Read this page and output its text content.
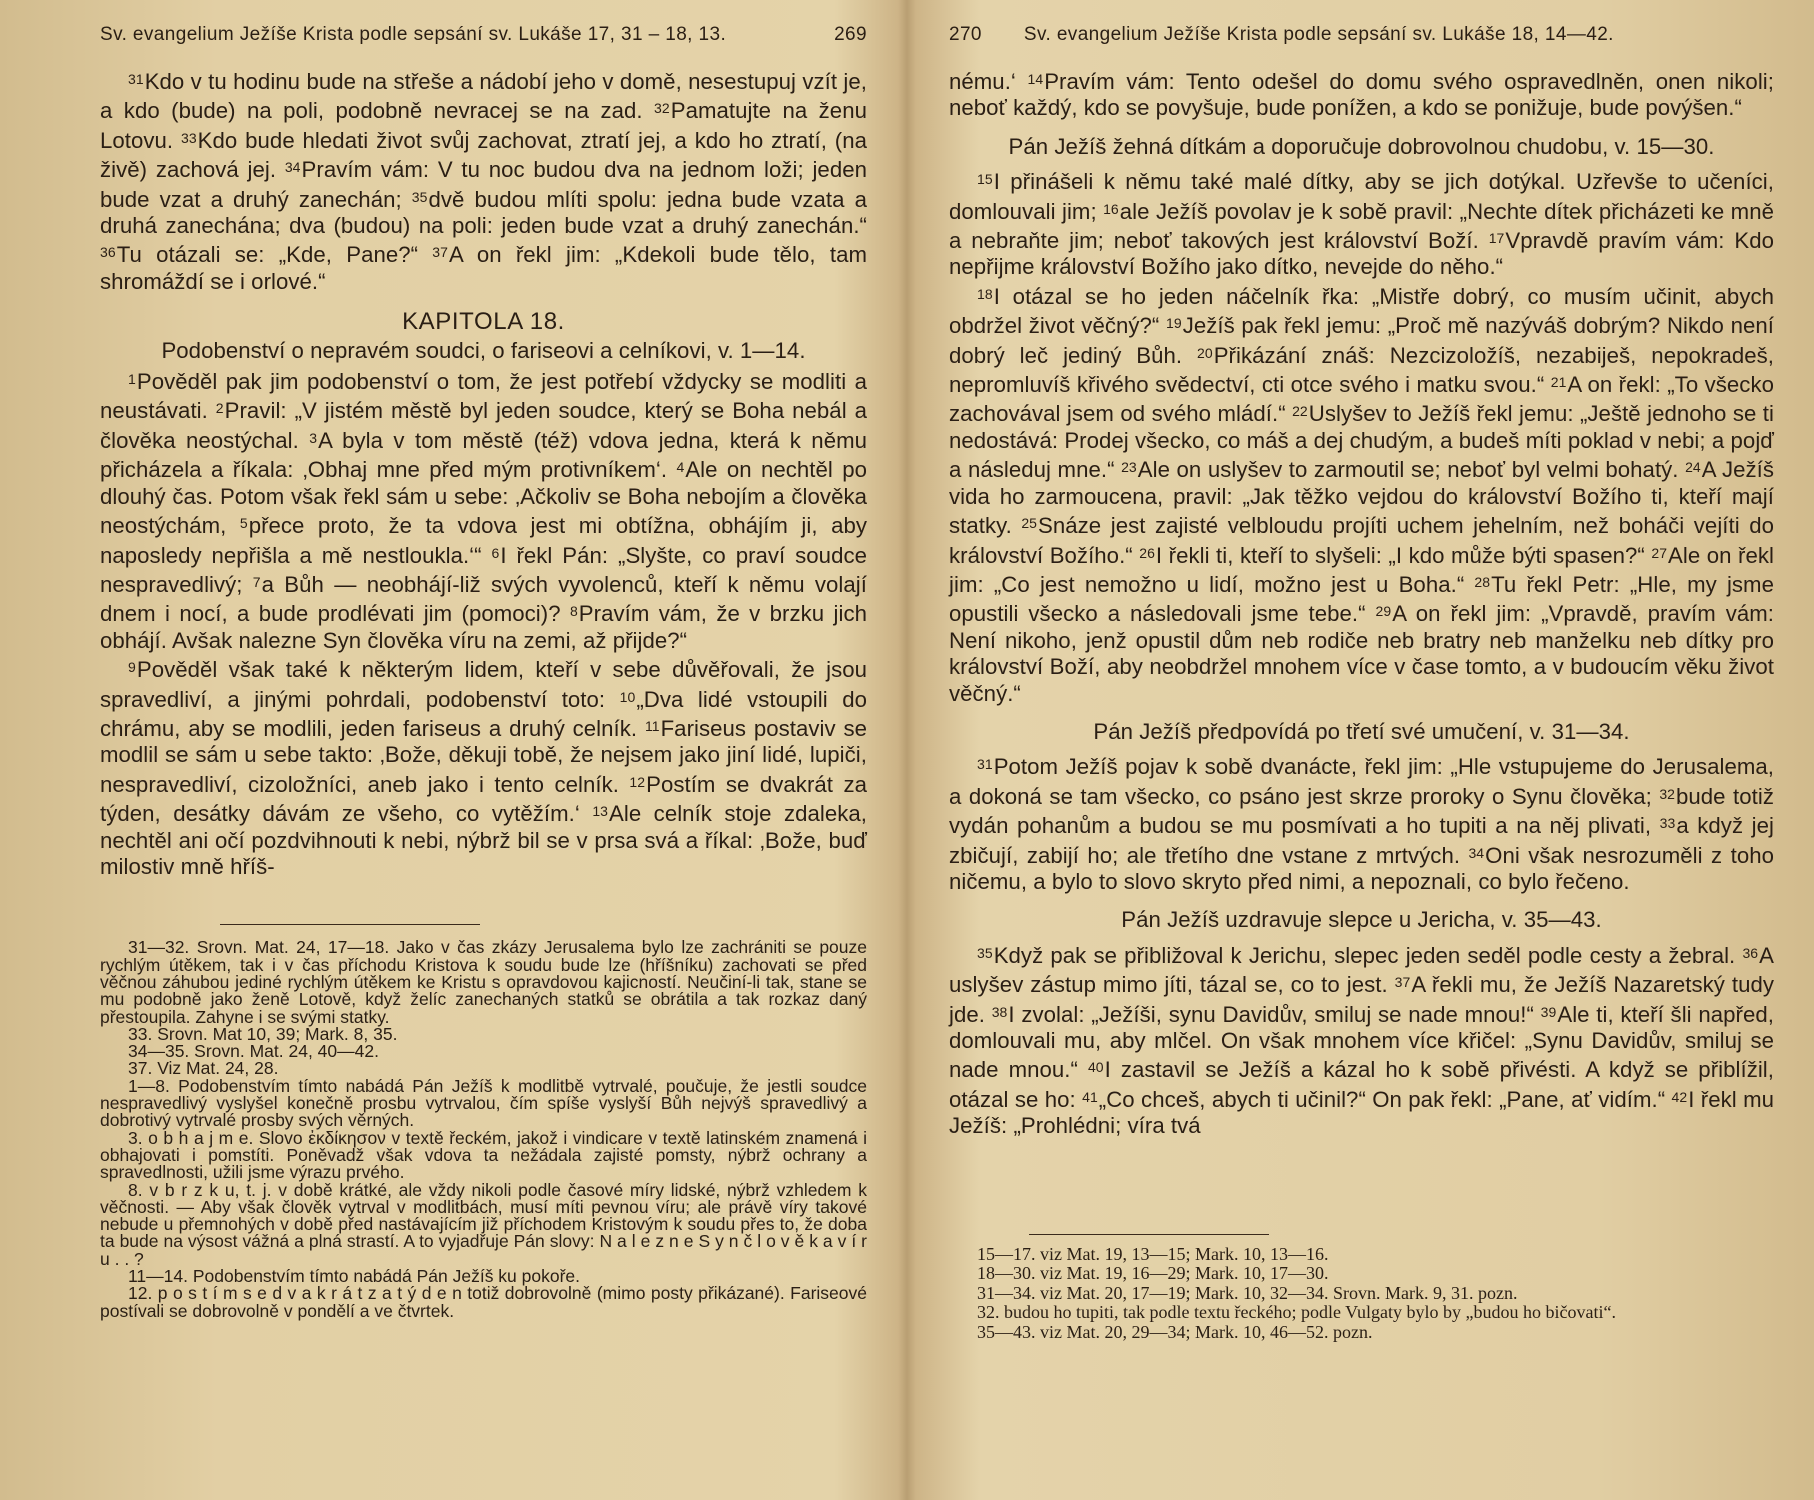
Sv. evangelium Ježíše Krista podle sepsání sv. Lukáše 17, 31 – 18, 13.	269

$^{31}$Kdo v tu hodinu bude na střeše a nádobí jeho v domě, nesestupuj vzít je, a kdo (bude) na poli, podobně nevracej se na zad. $^{32}$Pamatujte na ženu Lotovu. $^{33}$Kdo bude hledati život svůj zachovat, ztratí jej, a kdo ho ztratí, (na živě) zachová jej. $^{34}$Pravím vám: V tu noc budou dva na jednom loži; jeden bude vzat a druhý zanechán; $^{35}$dvě budou mlíti spolu: jedna bude vzata a druhá zanechána; dva (budou) na poli: jeden bude vzat a druhý zanechán.“ $^{36}$Tu otázali se: „Kde, Pane?“ $^{37}$A on řekl jim: „Kdekoli bude tělo, tam shromáždí se i orlové.“

KAPITOLA 18.
Podobenství o nepravém soudci, o fariseovi a celníkovi, v. 1—14.

$^1$Pověděl pak jim podobenství o tom, že jest potřebí vždycky se modliti a neustávati. $^2$Pravil: „V jistém městě byl jeden soudce, který se Boha nebál a člověka neostýchal. $^3$A byla v tom městě (též) vdova jedna, která k němu přicházela a říkala: ‚Obhaj mne před mým protivníkem‘. $^4$Ale on nechtěl po dlouhý čas. Potom však řekl sám u sebe: ‚Ačkoliv se Boha nebojím a člověka neostýchám, $^5$přece proto, že ta vdova jest mi obtížna, obhájím ji, aby naposledy nepřišla a mě nestloukla.‘“ $^6$I řekl Pán: „Slyšte, co praví soudce nespravedlivý; $^7$a Bůh — neobhájí-liž svých vyvolenců, kteří k němu volají dnem i nocí, a bude prodlévati jim (pomoci)? $^8$Pravím vám, že v brzku jich obhájí. Avšak nalezne Syn člověka víru na zemi, až přijde?“

$^9$Pověděl však také k některým lidem, kteří v sebe důvěřovali, že jsou spravedliví, a jinými pohrdali, podobenství toto: $^{10}$„Dva lidé vstoupili do chrámu, aby se modlili, jeden fariseus a druhý celník. $^{11}$Fariseus postaviv se modlil se sám u sebe takto: ‚Bože, děkuji tobě, že nejsem jako jiní lidé, lupiči, nespravedliví, cizoložníci, aneb jako i tento celník. $^{12}$Postím se dvakrát za týden, desátky dávám ze všeho, co vytěžím.‘ $^{13}$Ale celník stoje zdaleka, nechtěl ani očí pozdvihnouti k nebi, nýbrž bil se v prsa svá a říkal: ‚Bože, buď milostiv mně hříš-

31—32. Srovn. Mat. 24, 17—18. Jako v čas zkázy Jerusalema bylo lze zachrániti se pouze rychlým útěkem, tak i v čas příchodu Kristova k soudu bude lze (hříšníku) zachovati se před věčnou záhubou jediné rychlým útěkem ke Kristu s opravdovou kajicností. Neučiní-li tak, stane se mu podobně jako ženě Lotově, když želíc zanechaných statků se obrátila a tak rozkaz daný přestoupila. Zahyne i se svými statky.

33. Srovn. Mat 10, 39; Mark. 8, 35.

34—35. Srovn. Mat. 24, 40—42.

37. Viz Mat. 24, 28.

1—8. Podobenstvím tímto nabádá Pán Ježíš k modlitbě vytrvalé, poučuje, že jestli soudce nespravedlivý vyslyšel konečně prosbu vytrvalou, čím spíše vyslyší Bůh nejvýš spravedlivý a dobrotivý vytrvalé prosby svých věrných.

3. o b h a j m e. Slovo ἐκδίκησον v textě řeckém, jakož i vindicare v textě latinském znamená i obhajovati i pomstíti. Poněvadž však vdova ta nežádala zajisté pomsty, nýbrž ochrany a spravedlnosti, užili jsme výrazu prvého.

8. v b r z k u, t. j. v době krátké, ale vždy nikoli podle časové míry lidské, nýbrž vzhledem k věčnosti. — Aby však člověk vytrval v modlitbách, musí míti pevnou víru; ale právě víry takové nebude u přemnohých v době před nastávajícím již příchodem Kristovým k soudu přes to, že doba ta bude na výsost vážná a plná strastí. A to vyjadřuje Pán slovy: N a l e z n e S y n č l o v ě k a v í r u . . ?

11—14. Podobenstvím tímto nabádá Pán Ježíš ku pokoře.

12. p o s t í m s e d v a k r á t z a t ý d e n totiž dobrovolně (mimo posty přikázané). Fariseové postívali se dobrovolně v pondělí a ve čtvrtek.

270 Sv. evangelium Ježíše Krista podle sepsání sv. Lukáše 18, 14—42.

nému.‘ $^{14}$Pravím vám: Tento odešel do domu svého ospravedlněn, onen nikoli; neboť každý, kdo se povyšuje, bude ponížen, a kdo se ponižuje, bude povýšen.“

Pán Ježíš žehná dítkám a doporučuje dobrovolnou chudobu, v. 15—30.

$^{15}$I přinášeli k němu také malé dítky, aby se jich dotýkal. Uzřevše to učeníci, domlouvali jim; $^{16}$ale Ježíš povolav je k sobě pravil: „Nechte dítek přicházeti ke mně a nebraňte jim; neboť takových jest království Boží. $^{17}$Vpravdě pravím vám: Kdo nepřijme království Božího jako dítko, nevejde do něho.“

$^{18}$I otázal se ho jeden náčelník řka: „Mistře dobrý, co musím učinit, abych obdržel život věčný?“ $^{19}$Ježíš pak řekl jemu: „Proč mě nazýváš dobrým? Nikdo není dobrý leč jediný Bůh. $^{20}$Přikázání znáš: Nezcizoložíš, nezabiješ, nepokradeš, nepromluvíš křivého svědectví, cti otce svého i matku svou.“ $^{21}$A on řekl: „To všecko zachovával jsem od svého mládí.“ $^{22}$Uslyšev to Ježíš řekl jemu: „Ještě jednoho se ti nedostává: Prodej všecko, co máš a dej chudým, a budeš míti poklad v nebi; a pojď a následuj mne.“ $^{23}$Ale on uslyšev to zarmoutil se; neboť byl velmi bohatý. $^{24}$A Ježíš vida ho zarmoucena, pravil: „Jak těžko vejdou do království Božího ti, kteří mají statky. $^{25}$Snáze jest zajisté velbloudu projíti uchem jehelním, než boháči vejíti do království Božího.“ $^{26}$I řekli ti, kteří to slyšeli: „I kdo může býti spasen?“ $^{27}$Ale on řekl jim: „Co jest nemožno u lidí, možno jest u Boha.“ $^{28}$Tu řekl Petr: „Hle, my jsme opustili všecko a následovali jsme tebe.“ $^{29}$A on řekl jim: „Vpravdě, pravím vám: Není nikoho, jenž opustil dům neb rodiče neb bratry neb manželku neb dítky pro království Boží, aby neobdržel mnohem více v čase tomto, a v budoucím věku život věčný.“

Pán Ježíš předpovídá po třetí své umučení, v. 31—34.

$^{31}$Potom Ježíš pojav k sobě dvanácte, řekl jim: „Hle vstupujeme do Jerusalema, a dokoná se tam všecko, co psáno jest skrze proroky o Synu člověka; $^{32}$bude totiž vydán pohanům a budou se mu posmívati a ho tupiti a na něj plivati, $^{33}$a když jej zbičují, zabijí ho; ale třetího dne vstane z mrtvých. $^{34}$Oni však nesrozuměli z toho ničemu, a bylo to slovo skryto před nimi, a nepoznali, co bylo řečeno.

Pán Ježíš uzdravuje slepce u Jericha, v. 35—43.

$^{35}$Když pak se přibližoval k Jerichu, slepec jeden seděl podle cesty a žebral. $^{36}$A uslyšev zástup mimo jíti, tázal se, co to jest. $^{37}$A řekli mu, že Ježíš Nazaretský tudy jde. $^{38}$I zvolal: „Ježíši, synu Davidův, smiluj se nade mnou!“ $^{39}$Ale ti, kteří šli napřed, domlouvali mu, aby mlčel. On však mnohem více křičel: „Synu Davidův, smiluj se nade mnou.“ $^{40}$I zastavil se Ježíš a kázal ho k sobě přivésti. A když se přiblížil, otázal se ho: $^{41}$„Co chceš, abych ti učinil?“ On pak řekl: „Pane, ať vidím.“ $^{42}$I řekl mu Ježíš: „Prohlédni; víra tvá

15—17. viz Mat. 19, 13—15; Mark. 10, 13—16.

18—30. viz Mat. 19, 16—29; Mark. 10, 17—30.

31—34. viz Mat. 20, 17—19; Mark. 10, 32—34. Srovn. Mark. 9, 31. pozn.

32. budou ho tupiti, tak podle textu řeckého; podle Vulgaty bylo by „budou ho bičovati“.

35—43. viz Mat. 20, 29—34; Mark. 10, 46—52. pozn.
